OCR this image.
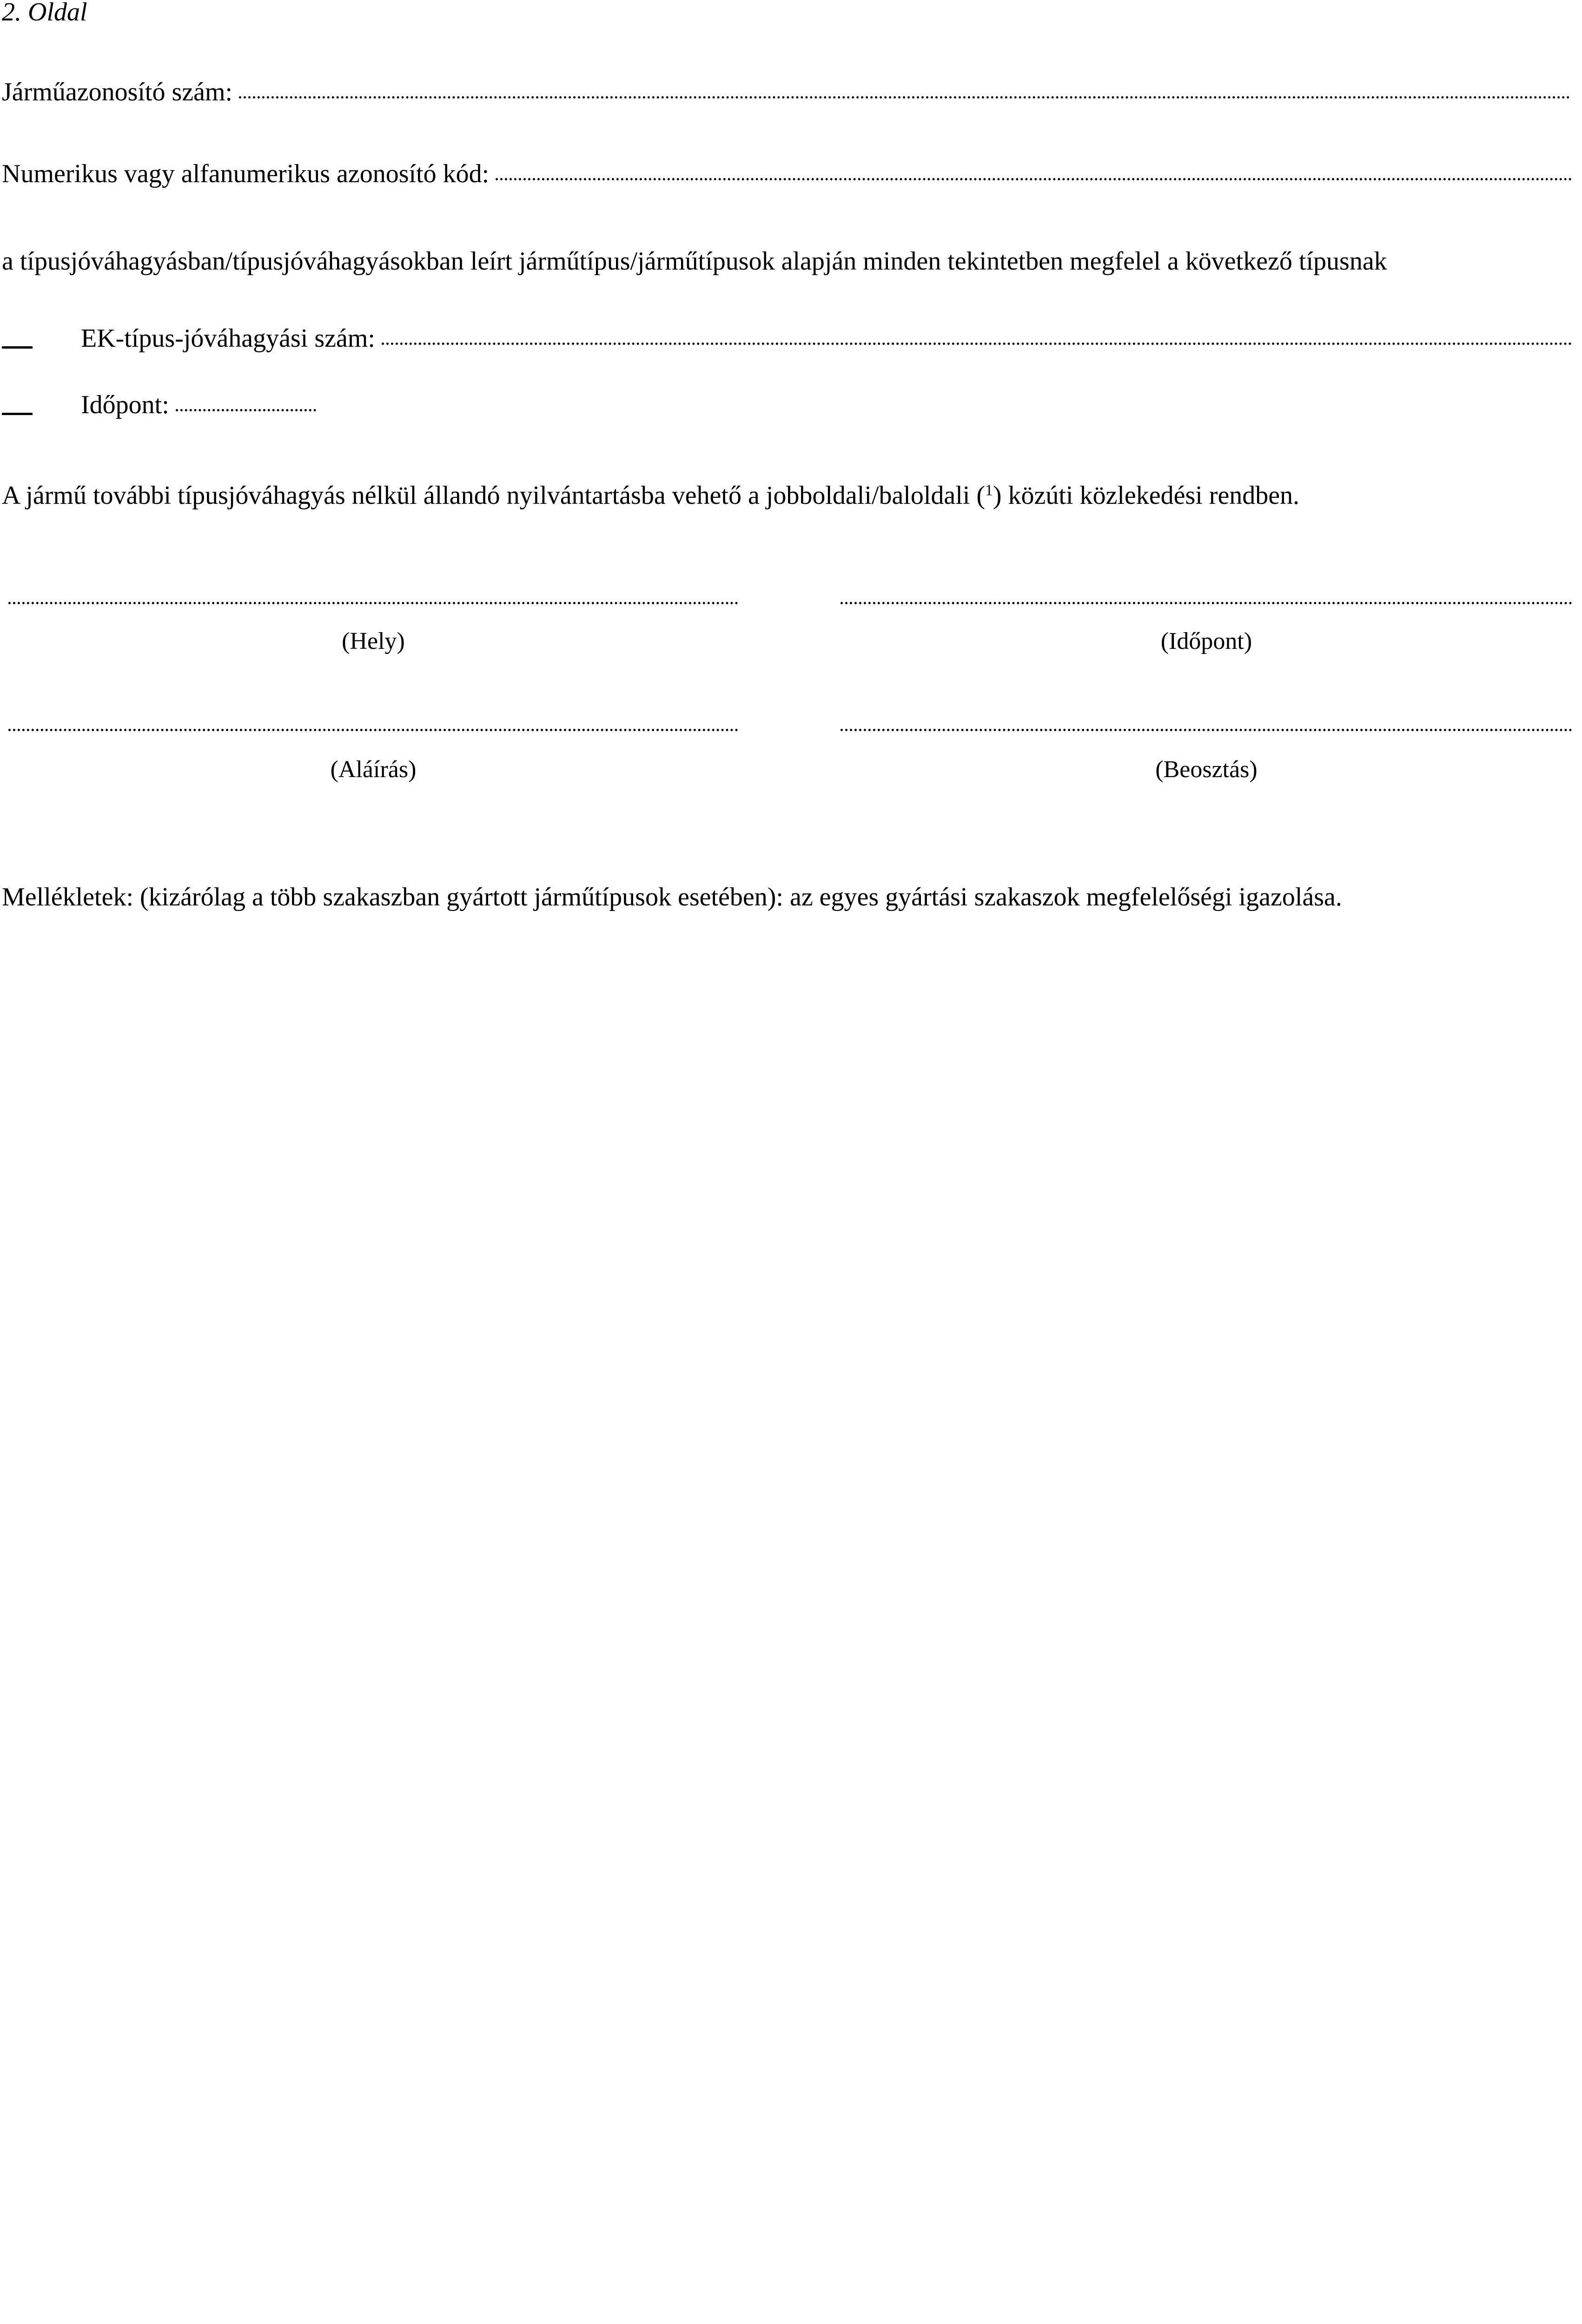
2. Oldal
Járműazonosító szám:
Numerikus vagy alfanumerikus azonosító kód:
a típusjóváhagyásban/típusjóváhagyásokban leírt járműtípus/járműtípusok alapján minden tekintetben megfelel a következő típusnak
EK-típus-jóváhagyási szám:
Időpont:
A jármű további típusjóváhagyás nélkül állandó nyilvántartásba vehető a jobboldali/baloldali ($^1$) közúti közlekedési rendben.
(Hely)	(Időpont)
(Aláírás)	(Beosztás)
Mellékletek: (kizárólag a több szakaszban gyártott járműtípusok esetében): az egyes gyártási szakaszok megfelelőségi igazolása.
